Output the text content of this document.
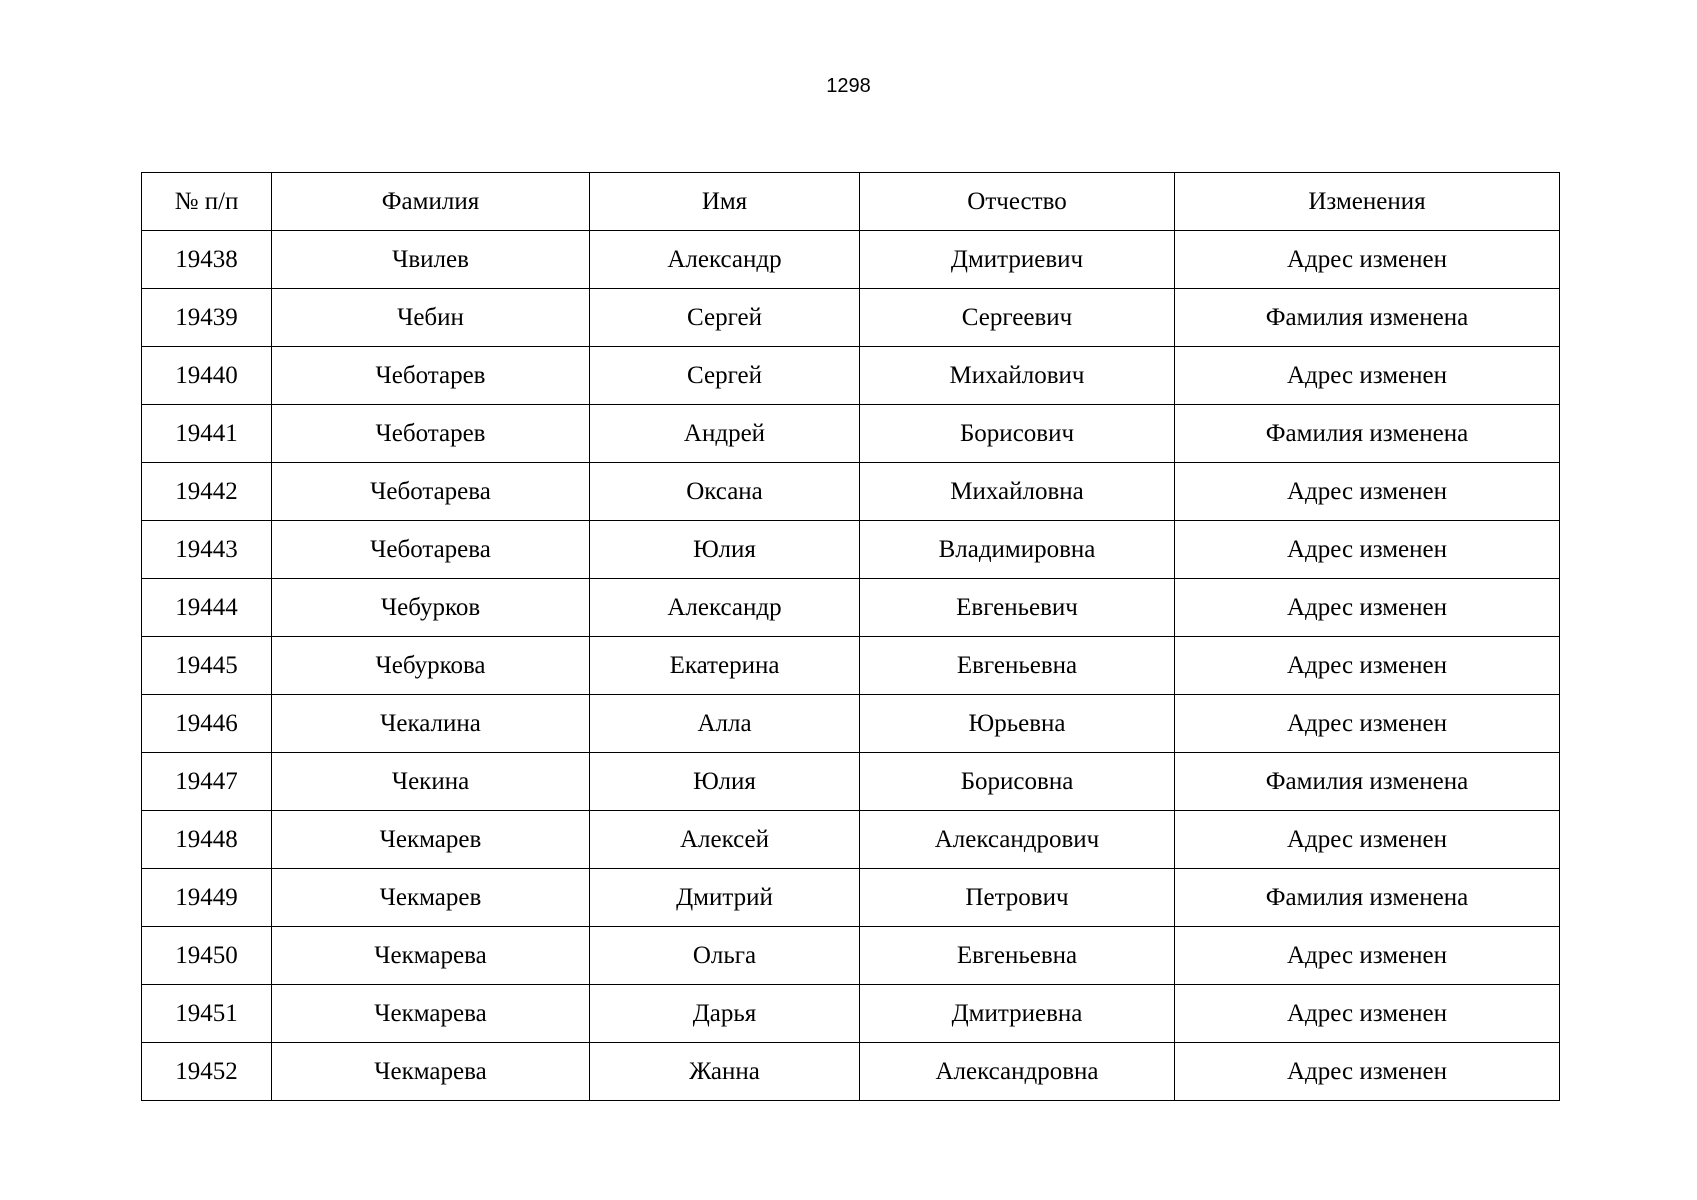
1298
№ п/п	Фамилия	Имя	Отчество	Изменения
19438	Чвилев	Александр	Дмитриевич	Адрес изменен
19439	Чебин	Сергей	Сергеевич	Фамилия изменена
19440	Чеботарев	Сергей	Михайлович	Адрес изменен
19441	Чеботарев	Андрей	Борисович	Фамилия изменена
19442	Чеботарева	Оксана	Михайловна	Адрес изменен
19443	Чеботарева	Юлия	Владимировна	Адрес изменен
19444	Чебурков	Александр	Евгеньевич	Адрес изменен
19445	Чебуркова	Екатерина	Евгеньевна	Адрес изменен
19446	Чекалина	Алла	Юрьевна	Адрес изменен
19447	Чекина	Юлия	Борисовна	Фамилия изменена
19448	Чекмарев	Алексей	Александрович	Адрес изменен
19449	Чекмарев	Дмитрий	Петрович	Фамилия изменена
19450	Чекмарева	Ольга	Евгеньевна	Адрес изменен
19451	Чекмарева	Дарья	Дмитриевна	Адрес изменен
19452	Чекмарева	Жанна	Александровна	Адрес изменен
